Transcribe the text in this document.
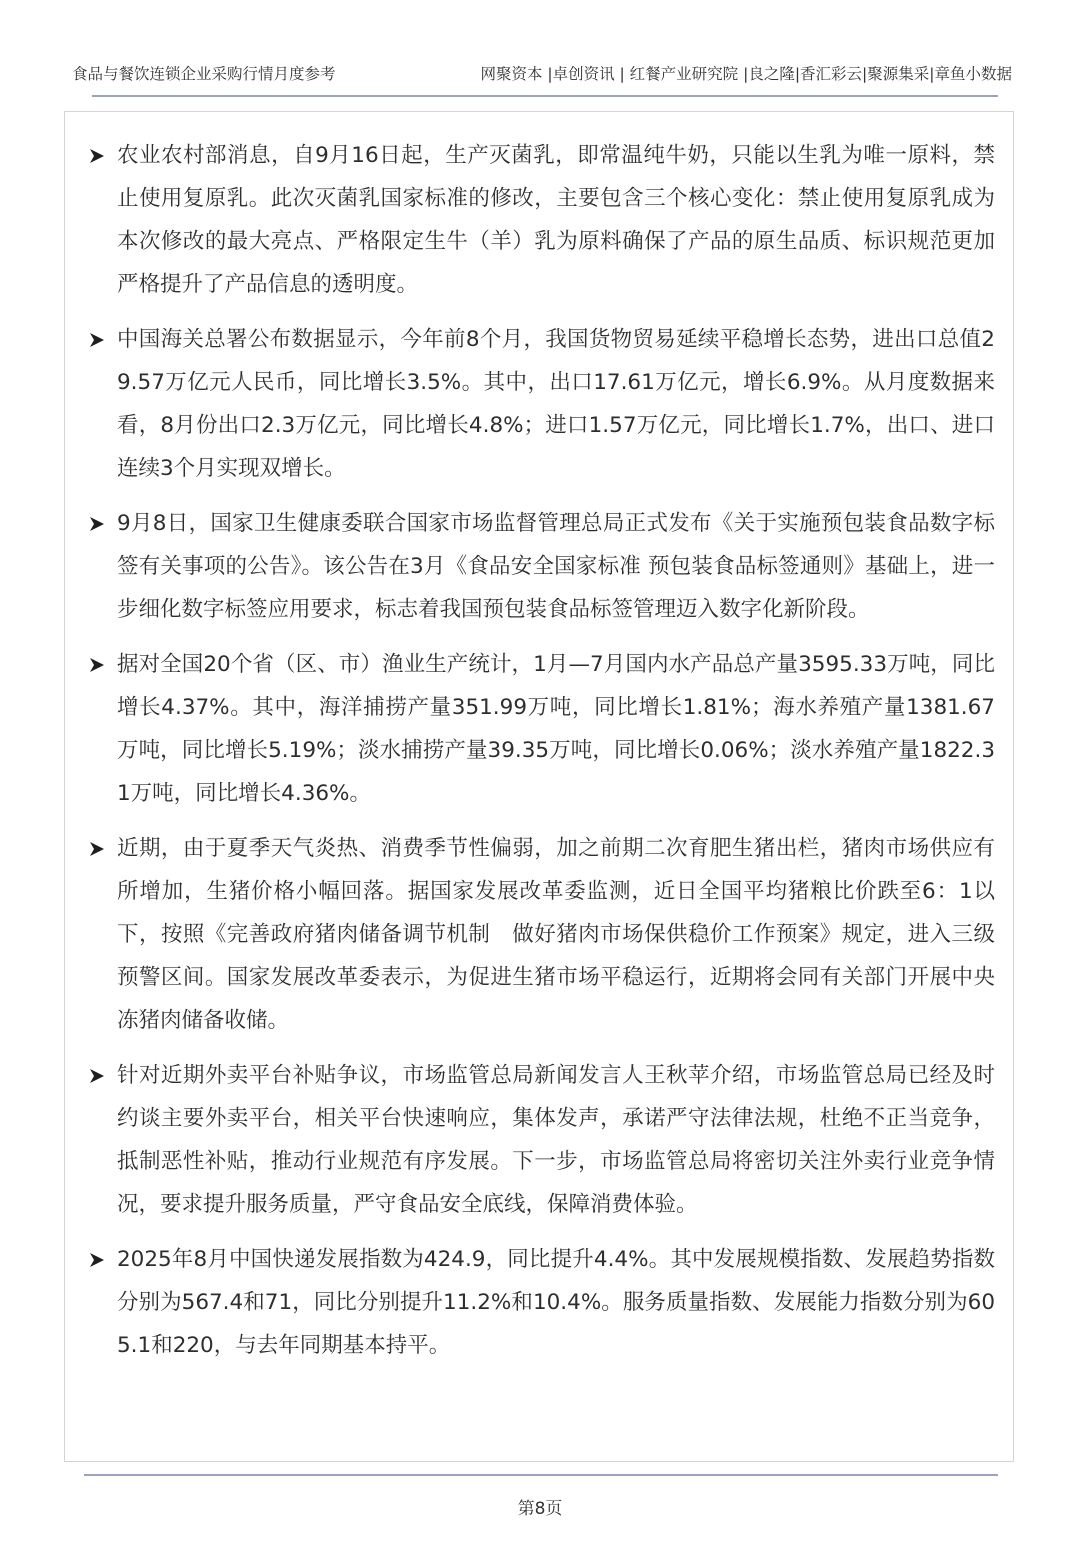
食品与餐饮连锁企业采购行情月度参考	网聚资本 |卓创资讯 | 红餐产业研究院 |良之隆|香汇彩云|聚源集采|章鱼小数据
农业农村部消息，自9月16日起，生产灭菌乳，即常温纯牛奶，只能以生乳为唯一原料，禁止使用复原乳。此次灭菌乳国家标准的修改，主要包含三个核心变化：禁止使用复原乳成为本次修改的最大亮点、严格限定生牛（羊）乳为原料确保了产品的原生品质、标识规范更加严格提升了产品信息的透明度。
中国海关总署公布数据显示，今年前8个月，我国货物贸易延续平稳增长态势，进出口总值29.57万亿元人民币，同比增长3.5%。其中，出口17.61万亿元，增长6.9%。从月度数据来看，8月份出口2.3万亿元，同比增长4.8%；进口1.57万亿元，同比增长1.7%，出口、进口连续3个月实现双增长。
9月8日，国家卫生健康委联合国家市场监督管理总局正式发布《关于实施预包装食品数字标签有关事项的公告》。该公告在3月《食品安全国家标准 预包装食品标签通则》基础上，进一步细化数字标签应用要求，标志着我国预包装食品标签管理迈入数字化新阶段。
据对全国20个省（区、市）渔业生产统计，1月—7月国内水产品总产量3595.33万吨，同比增长4.37%。其中，海洋捕捞产量351.99万吨，同比增长1.81%；海水养殖产量1381.67万吨，同比增长5.19%；淡水捕捞产量39.35万吨，同比增长0.06%；淡水养殖产量1822.31万吨，同比增长4.36%。
近期，由于夏季天气炎热、消费季节性偏弱，加之前期二次育肥生猪出栏，猪肉市场供应有所增加，生猪价格小幅回落。据国家发展改革委监测，近日全国平均猪粮比价跌至6：1以下，按照《完善政府猪肉储备调节机制　做好猪肉市场保供稳价工作预案》规定，进入三级预警区间。国家发展改革委表示，为促进生猪市场平稳运行，近期将会同有关部门开展中央冻猪肉储备收储。
针对近期外卖平台补贴争议，市场监管总局新闻发言人王秋苹介绍，市场监管总局已经及时约谈主要外卖平台，相关平台快速响应，集体发声，承诺严守法律法规，杜绝不正当竞争，抵制恶性补贴，推动行业规范有序发展。下一步，市场监管总局将密切关注外卖行业竞争情况，要求提升服务质量，严守食品安全底线，保障消费体验。
2025年8月中国快递发展指数为424.9，同比提升4.4%。其中发展规模指数、发展趋势指数分别为567.4和71，同比分别提升11.2%和10.4%。服务质量指数、发展能力指数分别为605.1和220，与去年同期基本持平。
第8页
